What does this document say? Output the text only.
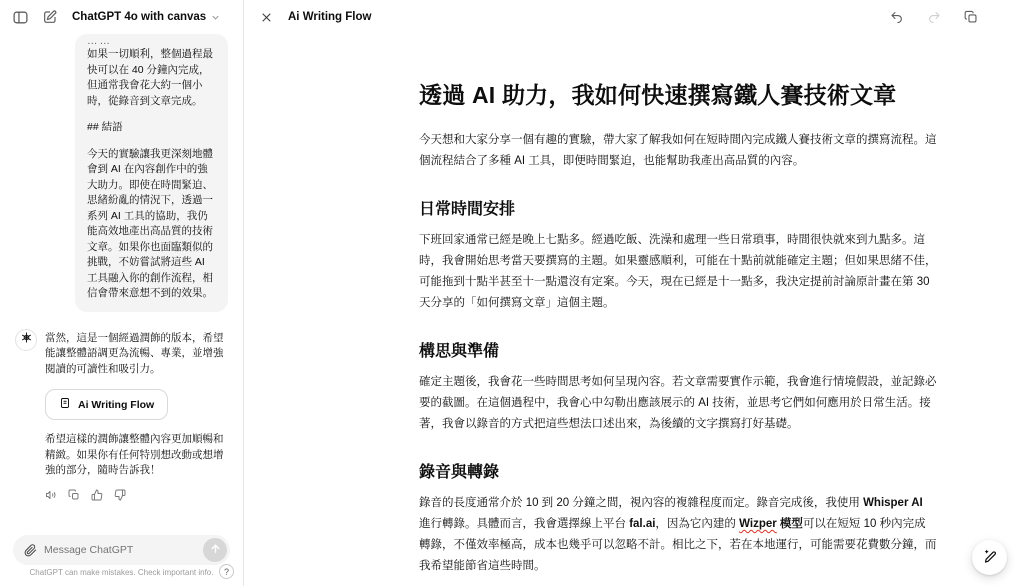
ChatGPT 4o with canvas

如果一切順利，整個過程最快可以在 40 分鐘內完成，但通常我會花大約一個小時，從錄音到文章完成。

## 結語

今天的實驗讓我更深刻地體會到 AI 在內容創作中的強大助力。即使在時間緊迫、思緒紛亂的情況下，透過一系列 AI 工具的協助，我仍能高效地產出高品質的技術文章。如果你也面臨類似的挑戰，不妨嘗試將這些 AI 工具融入你的創作流程，相信會帶來意想不到的效果。

當然，這是一個經過潤飾的版本，希望能讓整體語調更為流暢、專業，並增強閱讀的可讀性和吸引力。

Ai Writing Flow

希望這樣的潤飾讓整體內容更加順暢和精緻。如果你有任何特別想改動或想增強的部分，隨時告訴我！

Message ChatGPT
ChatGPT can make mistakes. Check important info. ?
Ai Writing Flow
透過 AI 助力，我如何快速撰寫鐵人賽技術文章

今天想和大家分享一個有趣的實驗，帶大家了解我如何在短時間內完成鐵人賽技術文章的撰寫流程。這個流程結合了多種 AI 工具，即便時間緊迫，也能幫助我產出高品質的內容。

日常時間安排

下班回家通常已經是晚上七點多。經過吃飯、洗澡和處理一些日常瑣事，時間很快就來到九點多。這時，我會開始思考當天要撰寫的主題。如果靈感順利，可能在十點前就能確定主題；但如果思緒不佳，可能拖到十點半甚至十一點還沒有定案。今天，現在已經是十一點多，我決定提前討論原計畫在第 30 天分享的「如何撰寫文章」這個主題。

構思與準備

確定主題後，我會花一些時間思考如何呈現內容。若文章需要實作示範，我會進行情境假設，並記錄必要的截圖。在這個過程中，我會心中勾勒出應該展示的 AI 技術，並思考它們如何應用於日常生活。接著，我會以錄音的方式把這些想法口述出來，為後續的文字撰寫打好基礎。

錄音與轉錄

錄音的長度通常介於 10 到 20 分鐘之間，視內容的複雜程度而定。錄音完成後，我使用 Whisper AI 進行轉錄。具體而言，我會選擇線上平台 fal.ai，因為它內建的 Wizper 模型可以在短短 10 秒內完成轉錄，不僅效率極高，成本也幾乎可以忽略不計。相比之下，若在本地運行，可能需要花費數分鐘，而我希望能節省這些時間。
